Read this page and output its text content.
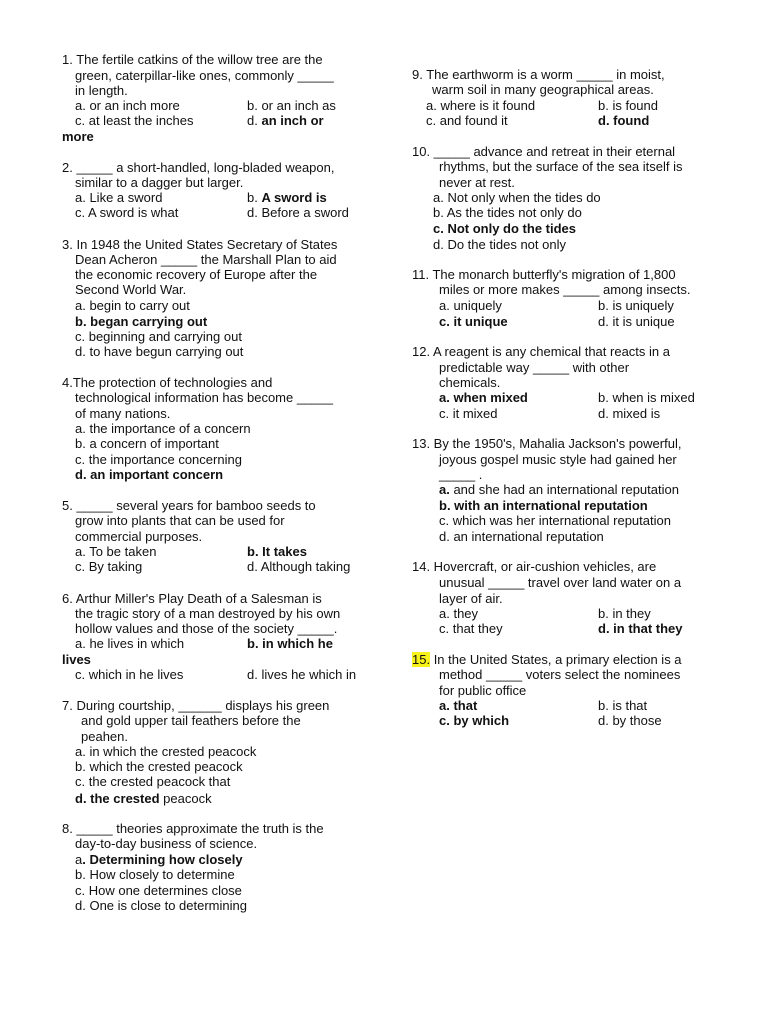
1. The fertile catkins of the willow tree are the
green, caterpillar-like ones, commonly _____
in length.
a. or an inch more	b. or an inch as
c. at least the inches	d. an inch or
more
2. _____ a short-handled, long-bladed weapon,
similar to a dagger but larger.
a. Like a sword	b. A sword is
c. A sword is what	d. Before a sword
3. In 1948 the United States Secretary of States
Dean Acheron _____ the Marshall Plan to aid
the economic recovery of Europe after the
Second World War.
a. begin to carry out
b. began carrying out
c. beginning and carrying out
d. to have begun carrying out
4.The protection of technologies and
technological information has become _____
of many nations.
a. the importance of a concern
b. a concern of important
c. the importance concerning
d. an important concern
5. _____ several years for bamboo seeds to
grow into plants that can be used for
commercial purposes.
a. To be taken	b. It takes
c. By taking	d. Although taking
6. Arthur Miller's Play Death of a Salesman is
the tragic story of a man destroyed by his own
hollow values and those of the society _____.
a. he lives in which	b. in which he
lives
c. which in he lives	d. lives he which in
7. During courtship, ______ displays his green
and gold upper tail feathers before the
peahen.
a. in which the crested peacock
b. which the crested peacock
c. the crested peacock that
d. the crested peacock
8. _____ theories approximate the truth is the
day-to-day business of science.
a. Determining how closely
b. How closely to determine
c. How one determines close
d. One is close to determining
9. The earthworm is a worm _____ in moist,
warm soil in many geographical areas.
a. where is it found	b. is found
c. and found it	d. found
10. _____ advance and retreat in their eternal
rhythms, but the surface of the sea itself is
never at rest.
a. Not only when the tides do
b. As the tides not only do
c. Not only do the tides
d. Do the tides not only
11. The monarch butterfly's migration of 1,800
miles or more makes _____ among insects.
a. uniquely	b. is uniquely
c. it unique	d. it is unique
12. A reagent is any chemical that reacts in a
predictable way _____ with other
chemicals.
a. when mixed	b. when is mixed
c. it mixed	d. mixed is
13. By the 1950's, Mahalia Jackson's powerful,
joyous gospel music style had gained her
_____ .
a. and she had an international reputation
b. with an international reputation
c. which was her international reputation
d. an international reputation
14. Hovercraft, or air-cushion vehicles, are
unusual _____ travel over land water on a
layer of air.
a. they	b. in they
c. that they	d. in that they
15. In the United States, a primary election is a
method _____ voters select the nominees
for public office
a. that	b. is that
c. by which	d. by those
